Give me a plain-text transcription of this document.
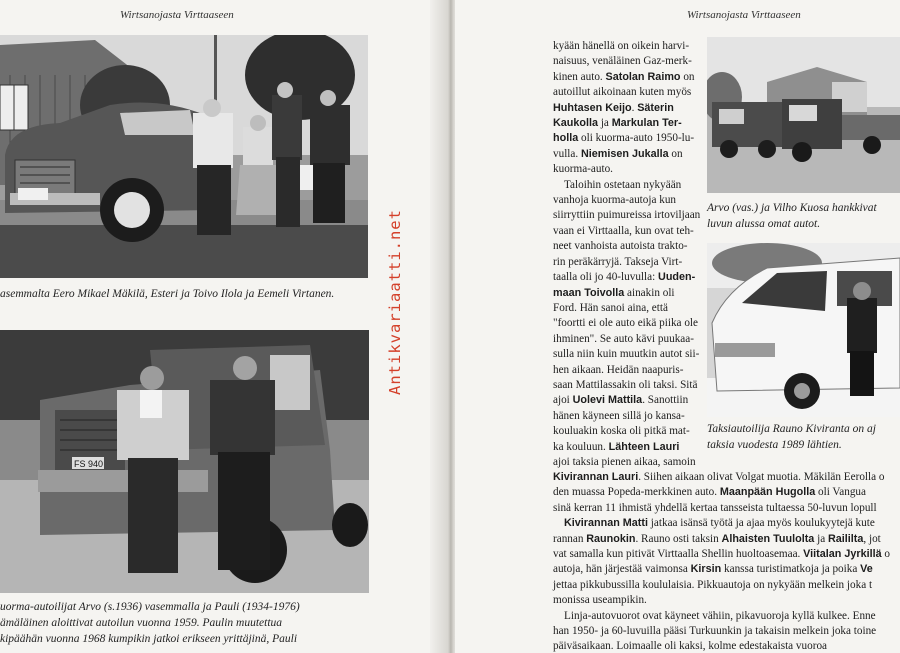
Wirtsanojasta Virttaaseen
asemmalta Eero Mikael Mäkilä, Esteri ja Toivo Ilola ja Eemeli Virtanen.
FS 940
uorma-autoilijat Arvo (s.1936) vasemmalla ja Pauli (1934-1976)
ämäläinen aloittivat autoilun vuonna 1959. Paulin muutettua
kipäähän vuonna 1968 kumpikin jatkoi erikseen yrittäjinä, Pauli
Antikvariaatti.net
Wirtsanojasta Virttaaseen
kyään hänellä on oikein harvi-
naisuus, venäläinen Gaz-merk-
kinen auto. Satolan Raimo on
autoillut aikoinaan kuten myös
Huhtasen Keijo. Säterin
Kaukolla ja Markulan Ter-
holla oli kuorma-auto 1950-lu-
vulla. Niemisen Jukalla on
kuorma-auto.
Taloihin ostetaan nykyään
vanhoja kuorma-autoja kun
siirryttiin puimureissa irtoviljaan
vaan ei Virttaalla, kun ovat teh-
neet vanhoista autoista trakto-
rin peräkärryjä. Takseja Virt-
taalla oli jo 40-luvulla: Uuden-
maan Toivolla ainakin oli
Ford. Hän sanoi aina, että
"foortti ei ole auto eikä piika ole
ihminen". Se auto kävi puukaa-
sulla niin kuin muutkin autot sii-
hen aikaan. Heidän naapuris-
saan Mattilassakin oli taksi. Sitä
ajoi Uolevi Mattila. Sanottiin
hänen käyneen sillä jo kansa-
kouluakin koska oli pitkä mat-
ka kouluun. Lähteen Lauri
ajoi taksia pienen aikaa, samoin
Kivirannan Lauri. Siihen aikaan olivat Volgat muotia. Mäkilän Eerolla o
den muassa Popeda-merkkinen auto. Maanpään Hugolla oli Vangua
sinä kerran 11 ihmistä yhdellä kertaa tansseista tultaessa 50-luvun lopull
Kivirannan Matti jatkaa isänsä työtä ja ajaa myös koulukyytejä kute
rannan Raunokin. Rauno osti taksin Alhaisten Tuulolta ja Raililta, jot
vat samalla kun pitivät Virttaalla Shellin huoltoasemaa. Viitalan Jyrkillä o
autoja, hän järjestää vaimonsa Kirsin kanssa turistimatkoja ja poika Ve
jettaa pikkubussilla koululaisia. Pikkuautoja on nykyään melkein joka t
monissa useampikin.
Linja-autovuorot ovat käyneet vähiin, pikavuoroja kyllä kulkee. Enne
han 1950- ja 60-luvuilla pääsi Turkuunkin ja takaisin melkein joka toine
päiväsaikaan. Loimaalle oli kaksi, kolme edestakaista vuoroa
Arvo (vas.) ja Vilho Kuosa hankkivat
luvun alussa omat autot.
Taksiautoilija Rauno Kiviranta on aj
taksia vuodesta 1989 lähtien.
